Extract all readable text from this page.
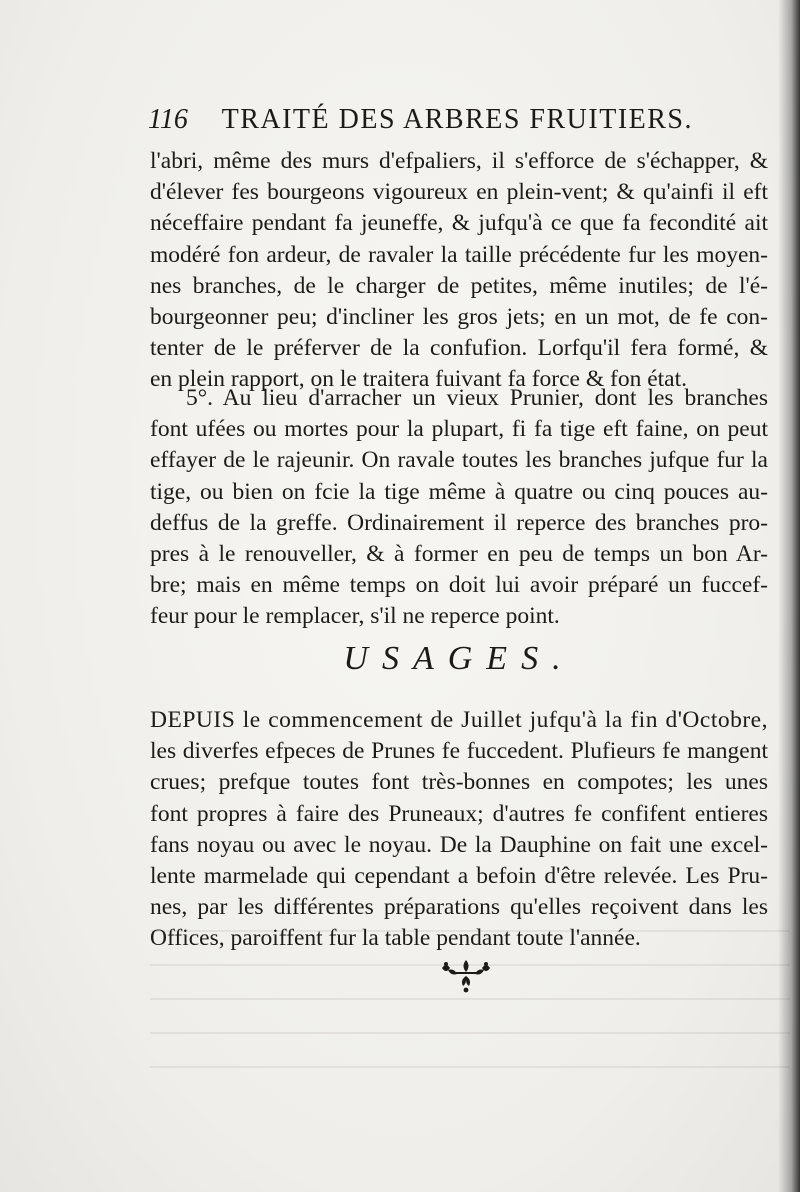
116	TRAITÉ DES ARBRES FRUITIERS.
l'abri, même des murs d'efpaliers, il s'efforce de s'échapper, &
d'élever fes bourgeons vigoureux en plein-vent; & qu'ainfi il eft
néceffaire pendant fa jeuneffe, & jufqu'à ce que fa fecondité ait
modéré fon ardeur, de ravaler la taille précédente fur les moyen-
nes branches, de le charger de petites, même inutiles; de l'é-
bourgeonner peu; d'incliner les gros jets; en un mot, de fe con-
tenter de le préferver de la confufion. Lorfqu'il fera formé, &
en plein rapport, on le traitera fuivant fa force & fon état.
5°. Au lieu d'arracher un vieux Prunier, dont les branches
font ufées ou mortes pour la plupart, fi fa tige eft faine, on peut
effayer de le rajeunir. On ravale toutes les branches jufque fur la
tige, ou bien on fcie la tige même à quatre ou cinq pouces au-
deffus de la greffe. Ordinairement il reperce des branches pro-
pres à le renouveller, & à former en peu de temps un bon Ar-
bre; mais en même temps on doit lui avoir préparé un fuccef-
feur pour le remplacer, s'il ne reperce point.
USAGES.
DEPUIS le commencement de Juillet jufqu'à la fin d'Octobre,
les diverfes efpeces de Prunes fe fuccedent. Plufieurs fe mangent
crues; prefque toutes font très-bonnes en compotes; les unes
font propres à faire des Pruneaux; d'autres fe confifent entieres
fans noyau ou avec le noyau. De la Dauphine on fait une excel-
lente marmelade qui cependant a befoin d'être relevée. Les Pru-
nes, par les différentes préparations qu'elles reçoivent dans les
Offices, paroiffent fur la table pendant toute l'année.
